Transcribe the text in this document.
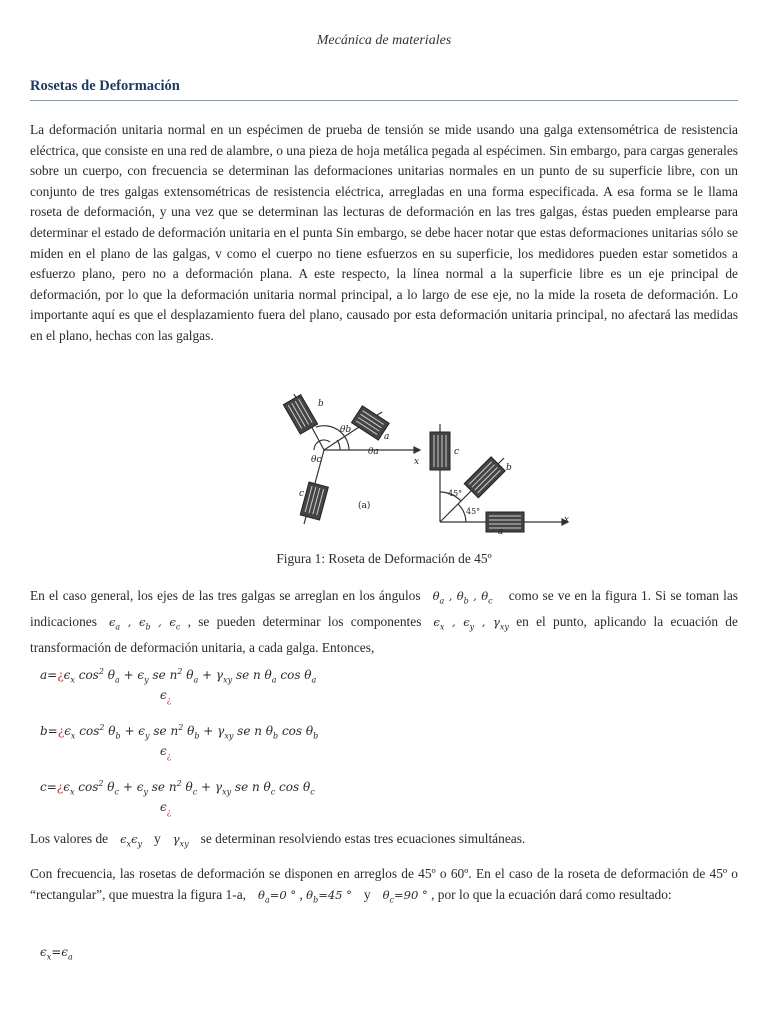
Mecánica de materiales
Rosetas de Deformación

La deformación unitaria normal en un espécimen de prueba de tensión se mide usando una galga extensométrica de resistencia eléctrica, que consiste en una red de alambre, o una pieza de hoja metálica pegada al espécimen. Sin embargo, para cargas generales sobre un cuerpo, con frecuencia se determinan las deformaciones unitarias normales en un punto de su superficie libre, con un conjunto de tres galgas extensométricas de resistencia eléctrica, arregladas en una forma especificada. A esa forma se le llama roseta de deformación, y una vez que se determinan las lecturas de deformación en las tres galgas, éstas pueden emplearse para determinar el estado de deformación unitaria en el punta Sin embargo, se debe hacer notar que estas deformaciones unitarias sólo se miden en el plano de las galgas, v como el cuerpo no tiene esfuerzos en su superficie, los medidores pueden estar sometidos a esfuerzo plano, pero no a deformación plana. A este respecto, la línea normal a la superficie libre es un eje principal de deformación, por lo que la deformación unitaria normal principal, a lo largo de ese eje, no la mide la roseta de deformación. Lo importante aquí es que el desplazamiento fuera del plano, causado por esta deformación unitaria principal, no afectará las medidas en el plano, hechas con las galgas.

b
a
c
x
θb
θa
θc
(a)
c
b
a
x
45°
45°
Figura 1: Roseta de Deformación de 45º

En el caso general, los ejes de las tres galgas se arreglan en los ángulos $\theta_a$ , $\theta_b$ , $\theta_c$ como se ve en la figura 1. Si se toman las indicaciones $\epsilon_a$ , $\epsilon_b$ , $\epsilon_c$ , se pueden determinar los componentes $\epsilon_x$ , $\epsilon_y$ , $\gamma_{xy}$ en el punto, aplicando la ecuación de transformación de deformación unitaria, a cada galga. Entonces,

$a=¿\epsilon_x$ $\cos^2 \theta_a + \epsilon_y$ se $n^2$ $\theta_a + \gamma_{xy}$ se n $\theta_a$ $\cos \theta_a$
$\epsilon_¿$
$b=¿\epsilon_x$ $\cos^2 \theta_b + \epsilon_y$ se $n^2$ $\theta_b + \gamma_{xy}$ se n $\theta_b$ $\cos \theta_b$
$\epsilon_¿$
$c=¿\epsilon_x$ $\cos^2 \theta_c + \epsilon_y$ se $n^2$ $\theta_c + \gamma_{xy}$ se n $\theta_c$ $\cos \theta_c$
$\epsilon_¿$

Los valores de $\epsilon_x\epsilon_y$ y $\gamma_{xy}$ se determinan resolviendo estas tres ecuaciones simultáneas.

Con frecuencia, las rosetas de deformación se disponen en arreglos de 45º o 60º. En el caso de la roseta de deformación de 45º o “rectangular”, que muestra la figura 1-a, $\theta_a=0$ ° , $\theta_b=45$ ° y $\theta_c=90$ ° , por lo que la ecuación dará como resultado:

$\epsilon_x=\epsilon_a$
